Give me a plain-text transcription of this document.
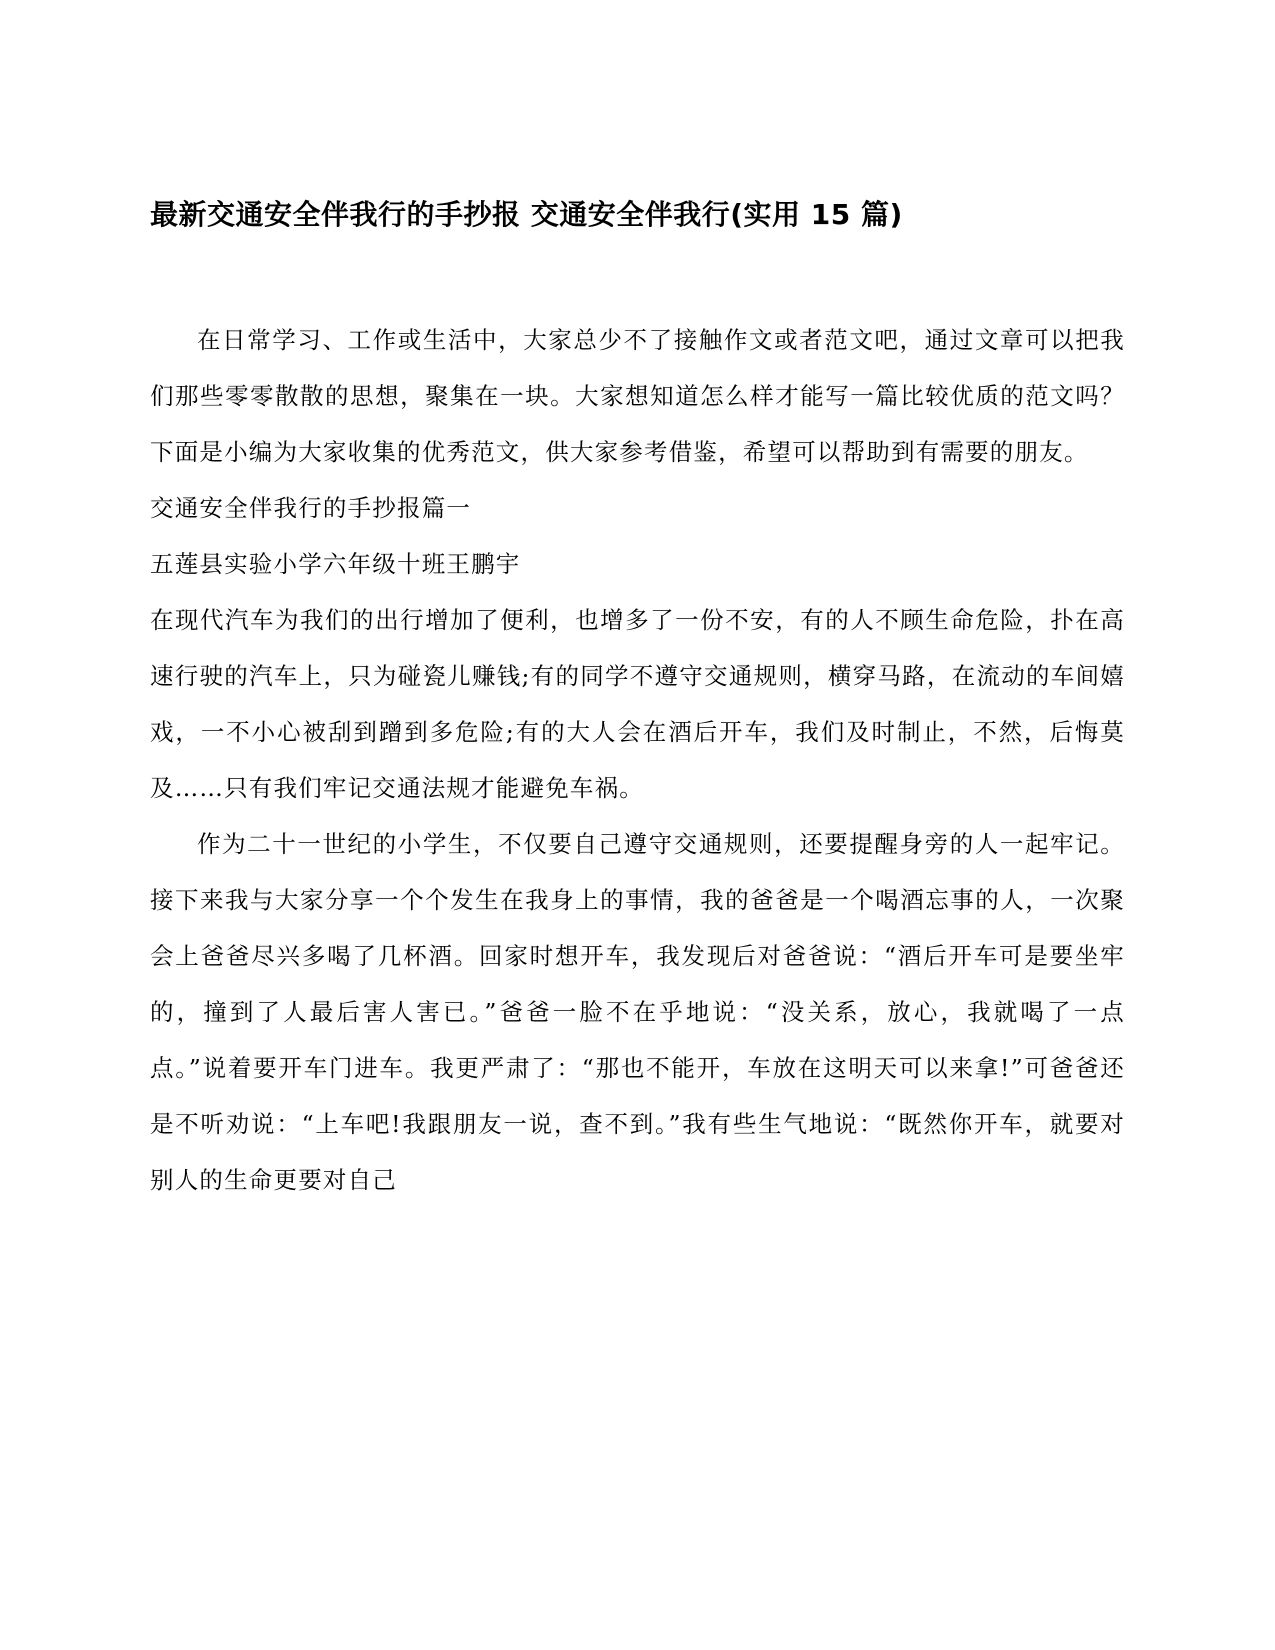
最新交通安全伴我行的手抄报 交通安全伴我行(实用 15 篇)

在日常学习、工作或生活中，大家总少不了接触作文或者范文吧，通过文章可以把我们那些零零散散的思想，聚集在一块。大家想知道怎么样才能写一篇比较优质的范文吗？下面是小编为大家收集的优秀范文，供大家参考借鉴，希望可以帮助到有需要的朋友。

交通安全伴我行的手抄报篇一

五莲县实验小学六年级十班王鹏宇

在现代汽车为我们的出行增加了便利，也增多了一份不安，有的人不顾生命危险，扑在高速行驶的汽车上，只为碰瓷儿赚钱;有的同学不遵守交通规则，横穿马路，在流动的车间嬉戏，一不小心被刮到蹭到多危险;有的大人会在酒后开车，我们及时制止，不然，后悔莫及……只有我们牢记交通法规才能避免车祸。

作为二十一世纪的小学生，不仅要自己遵守交通规则，还要提醒身旁的人一起牢记。接下来我与大家分享一个个发生在我身上的事情，我的爸爸是一个喝酒忘事的人，一次聚会上爸爸尽兴多喝了几杯酒。回家时想开车，我发现后对爸爸说：“酒后开车可是要坐牢的，撞到了人最后害人害已。”爸爸一脸不在乎地说：“没关系，放心，我就喝了一点点。”说着要开车门进车。我更严肃了：“那也不能开，车放在这明天可以来拿!”可爸爸还是不听劝说：“上车吧!我跟朋友一说，查不到。”我有些生气地说：“既然你开车，就要对别人的生命更要对自己
